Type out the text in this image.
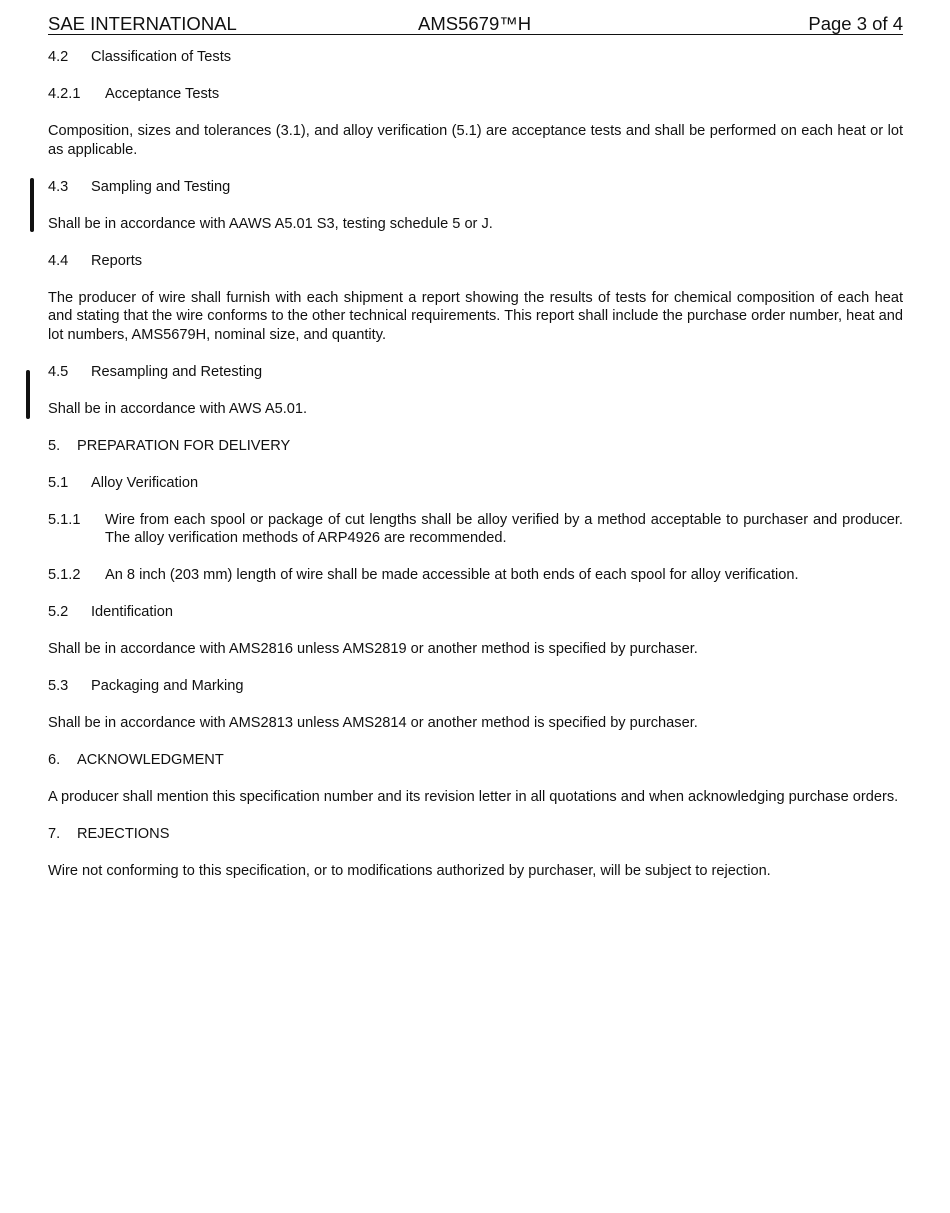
SAE INTERNATIONAL	AMS5679™H	Page 3 of 4
4.2 Classification of Tests
4.2.1 Acceptance Tests

Composition, sizes and tolerances (3.1), and alloy verification (5.1) are acceptance tests and shall be performed on each heat or lot as applicable.

4.3 Sampling and Testing

Shall be in accordance with AAWS A5.01 S3, testing schedule 5 or J.

4.4 Reports

The producer of wire shall furnish with each shipment a report showing the results of tests for chemical composition of each heat and stating that the wire conforms to the other technical requirements. This report shall include the purchase order number, heat and lot numbers, AMS5679H, nominal size, and quantity.

4.5 Resampling and Retesting

Shall be in accordance with AWS A5.01.

5. PREPARATION FOR DELIVERY
5.1 Alloy Verification
5.1.1 Wire from each spool or package of cut lengths shall be alloy verified by a method acceptable to purchaser and producer. The alloy verification methods of ARP4926 are recommended.
5.1.2 An 8 inch (203 mm) length of wire shall be made accessible at both ends of each spool for alloy verification.
5.2 Identification

Shall be in accordance with AMS2816 unless AMS2819 or another method is specified by purchaser.

5.3 Packaging and Marking

Shall be in accordance with AMS2813 unless AMS2814 or another method is specified by purchaser.

6. ACKNOWLEDGMENT

A producer shall mention this specification number and its revision letter in all quotations and when acknowledging purchase orders.

7. REJECTIONS

Wire not conforming to this specification, or to modifications authorized by purchaser, will be subject to rejection.
